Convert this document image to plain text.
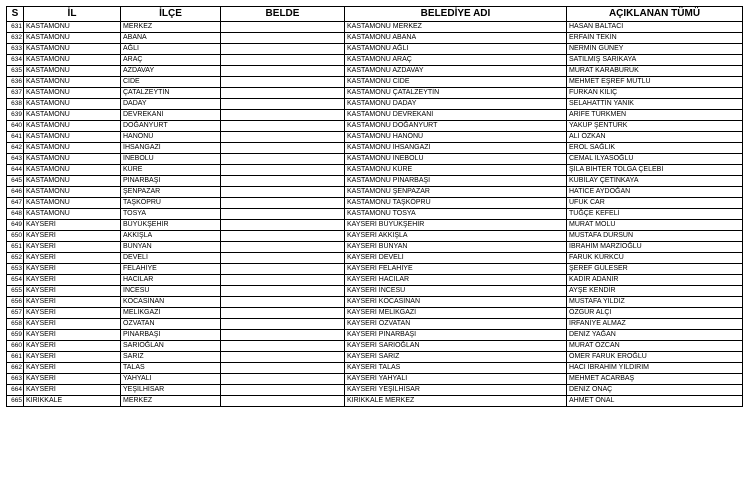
S	İL	İLÇE	BELDE	BELEDİYE ADI	AÇIKLANAN TÜMÜ
631	KASTAMONU	MERKEZ		KASTAMONU MERKEZ	HASAN BALTACI
632	KASTAMONU	ABANA		KASTAMONU ABANA	ERFAİN TEKİN
633	KASTAMONU	AĞLI		KASTAMONU AĞLI	NERMİN GÜNEY
634	KASTAMONU	ARAÇ		KASTAMONU ARAÇ	SATILMIŞ SARIKAYA
635	KASTAMONU	AZDAVAY		KASTAMONU AZDAVAY	MURAT KARABURUK
636	KASTAMONU	CİDE		KASTAMONU CİDE	MEHMET EŞREF MUTLU
637	KASTAMONU	ÇATALZEYTİN		KASTAMONU ÇATALZEYTİN	FURKAN KILIÇ
638	KASTAMONU	DADAY		KASTAMONU DADAY	SELAHATTİN YANIK
639	KASTAMONU	DEVREKANİ		KASTAMONU DEVREKANİ	ARİFE TÜRKMEN
640	KASTAMONU	DOĞANYURT		KASTAMONU DOĞANYURT	YAKUP ŞENTÜRK
641	KASTAMONU	HANÖNÜ		KASTAMONU HANÖNÜ	ALİ ÖZKAN
642	KASTAMONU	İHSANGAZİ		KASTAMONU İHSANGAZİ	EROL SAĞLIK
643	KASTAMONU	İNEBOLU		KASTAMONU İNEBOLU	CEMAL İLYASOĞLU
644	KASTAMONU	KÜRE		KASTAMONU KÜRE	ŞİLA BİHTER TOLGA ÇELEBİ
645	KASTAMONU	PINARBAŞI		KASTAMONU PINARBAŞI	KUBİLAY ÇETİNKAYA
646	KASTAMONU	ŞENPAZAR		KASTAMONU ŞENPAZAR	HATİCE AYDOĞAN
647	KASTAMONU	TAŞKÖPRÜ		KASTAMONU TAŞKÖPRÜ	UFUK CAR
648	KASTAMONU	TOSYA		KASTAMONU TOSYA	TUĞÇE KEFELİ
649	KAYSERİ	BÜYÜKŞEHİR		KAYSERİ BÜYÜKŞEHİR	MURAT MOLU
650	KAYSERİ	AKKIŞLA		KAYSERİ AKKIŞLA	MUSTAFA DURSUN
651	KAYSERİ	BÜNYAN		KAYSERİ BÜNYAN	İBRAHİM MARZİOĞLU
652	KAYSERİ	DEVELİ		KAYSERİ DEVELİ	FARUK KÜRKCÜ
653	KAYSERİ	FELAHİYE		KAYSERİ FELAHİYE	ŞEREF GÜLESER
654	KAYSERİ	HACILAR		KAYSERİ HACILAR	KADİR ADANIR
655	KAYSERİ	İNCESU		KAYSERİ İNCESU	AYŞE KENDİR
656	KAYSERİ	KOCASİNAN		KAYSERİ KOCASİNAN	MUSTAFA YILDIZ
657	KAYSERİ	MELİKGAZİ		KAYSERİ MELİKGAZİ	ÖZGÜR ALÇI
658	KAYSERİ	ÖZVATAN		KAYSERİ ÖZVATAN	İRFANİYE ALMAZ
659	KAYSERİ	PINARBAŞI		KAYSERİ PINARBAŞI	DENİZ YAĞAN
660	KAYSERİ	SARIOĞLAN		KAYSERİ SARIOĞLAN	MURAT ÖZCAN
661	KAYSERİ	SARIZ		KAYSERİ SARIZ	ÖMER FARUK EROĞLU
662	KAYSERİ	TALAS		KAYSERİ TALAS	HACI İBRAHİM YILDIRIM
663	KAYSERİ	YAHYALI		KAYSERİ YAHYALI	MEHMET ACARBAŞ
664	KAYSERİ	YEŞİLHİSAR		KAYSERİ YEŞİLHİSAR	DENİZ ONAÇ
665	KIRIKKALE	MERKEZ		KIRIKKALE MERKEZ	AHMET ÖNAL
